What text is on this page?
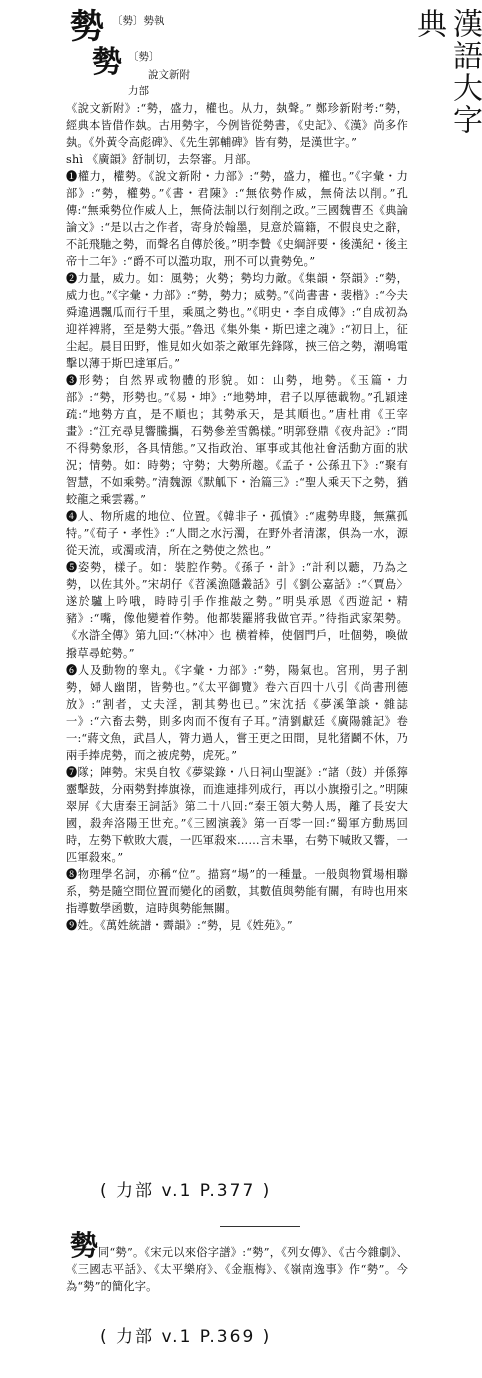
漢語大字典
勢 〔勢〕勢執
勢 〔勢〕
說文新附
力部

《說文新附》:“勢，盛力，權也。从力，埶聲。” 鄭珍新附考:“勢，經典本皆借作埶。古用勢字，今例皆從勢書，《史記》、《漢》尚多作埶。《外黃令高彪碑》、《先生郭輔碑》皆有勢，是漢世字。”

shì 《廣韻》舒制切，去祭審。月部。

❶權力，權勢。《說文新附・力部》:“勢，盛力，權也。”《字彙・力部》:“勢，權勢。”《書・君陳》:“無依勢作威，無倚法以削。”孔傳:“無乘勢位作威人上，無倚法制以行刻削之政。”三國魏曹丕《典論論文》:“是以古之作者，寄身於翰墨，見意於篇籍，不假良史之辭，不託飛馳之勢，而聲名自傳於後。”明李贄《史綱評要・後漢紀・後主帝十二年》:“爵不可以濫功取，刑不可以貴勢免。”

❷力量，威力。如：風勢；火勢；勢均力敵。《集韻・祭韻》:“勢，威力也。”《字彙・力部》:“勢，勢力；威勢。”《尚書書・裴楷》:“今夫舜違遇飄瓜而行千里，乘風之勢也。”《明史・李自成傳》:“自成初為迎祥裨將，至是勢大張。”魯迅《集外集・斯巴達之魂》:“初日上，征尘起。晨目田野，惟見如火如荼之敵軍先鋒隊，挾三倍之勢，潮鳴電擊以薄于斯巴達軍后。”

❸形勢；自然界或物體的形貌。如：山勢，地勢。《玉篇・力部》:“勢，形勢也。”《易・坤》:“地勢坤，君子以厚德載物。”孔穎達疏:“地勢方直，是不順也；其勢承天，是其順也。”唐杜甫《王宰畫》:“江充尋見響騰攜，石勢參差雪鷯樣。”明郭登鼎《夜舟記》:“問不得勢象形，各具情態。”又指政治、軍事或其他社會活動方面的狀況；情勢。如：時勢；守勢；大勢所趨。《孟子・公孫丑下》:“聚有智慧，不如乘勢。”清魏源《默觚下・治篇三》:“聖人乘天下之勢，猶蛟龍之乘雲霧。”

❹人、物所處的地位、位置。《韓非子・孤憤》:“處勢卑賤，無黨孤特。”《荀子・孝性》:“人間之水污濁，在野外者清潔，俱為一水，源從天流，或濁或清，所在之勢使之然也。”

❺姿勢，樣子。如：裝腔作勢。《孫子・計》:“計利以聽，乃為之勢，以佐其外。”宋胡仔《苕溪漁隱叢話》引《劉公嘉話》:“〈賈島〉遂於驢上吟哦，時時引手作推敲之勢。”明吳承恩《西遊記・精豬》:“嘴，像他變着作勢。他都裝羅將我做官弄。”待指武家架勢。《水滸全傳》第九回:“〈林冲〉也 横着棒，使個門戶，吐個勢，喚做撥草尋蛇勢。”

❻人及動物的睾丸。《字彙・力部》:“勢，陽氣也。宮刑，男子割勢，婦人幽閉，皆勢也。”《太平御覽》卷六百四十八引《尚書刑德放》:“割者，丈夫淫，割其勢也已。”宋沈括《夢溪筆談・雜誌一》:“六畜去勢，則多肉而不復有子耳。”清劉獻廷《廣陽雜記》卷一:“蔣文魚，武昌人，膂力過人，嘗王更之田間，見牝猪鬬不休，乃兩手捧虎勢，而之被虎勢，虎死。”

❼隊；陣勢。宋吳自牧《夢粱錄・八日祠山聖誕》:“諸（鼓）并係獰靈擊鼓，分兩勢對捧旗祿，而進連排列成行，再以小旗撥引之。”明陳翠屏《大唐秦王詞話》第二十八回:“秦王領大勢人馬，離了長安大國，殺奔洛陽王世充。”《三國演義》第一百零一回:“蜀軍方動馬回時，左勢下軟敗大震，一匹軍殺來……言未畢，右勢下喊敗又響，一匹軍殺來。”

❽物理學名詞，亦稱“位”。描寫“場”的一種量。一般與物質場相聯系，勢是隨空間位置而變化的函數，其數值與勢能有關，有時也用來指導數學函數，這時與勢能無關。

❾姓。《萬姓統譜・霽韻》:“勢，見《姓苑》。”

( 力部 v.1 P.377 )
勢 同“勢”。《宋元以來俗字譜》:“勢”，《列女傳》、《古今雜劇》、《三國志平話》、《太平樂府》、《金瓶梅》、《嶺南逸事》作“勢”。今為“勢”的簡化字。
( 力部 v.1 P.369 )
